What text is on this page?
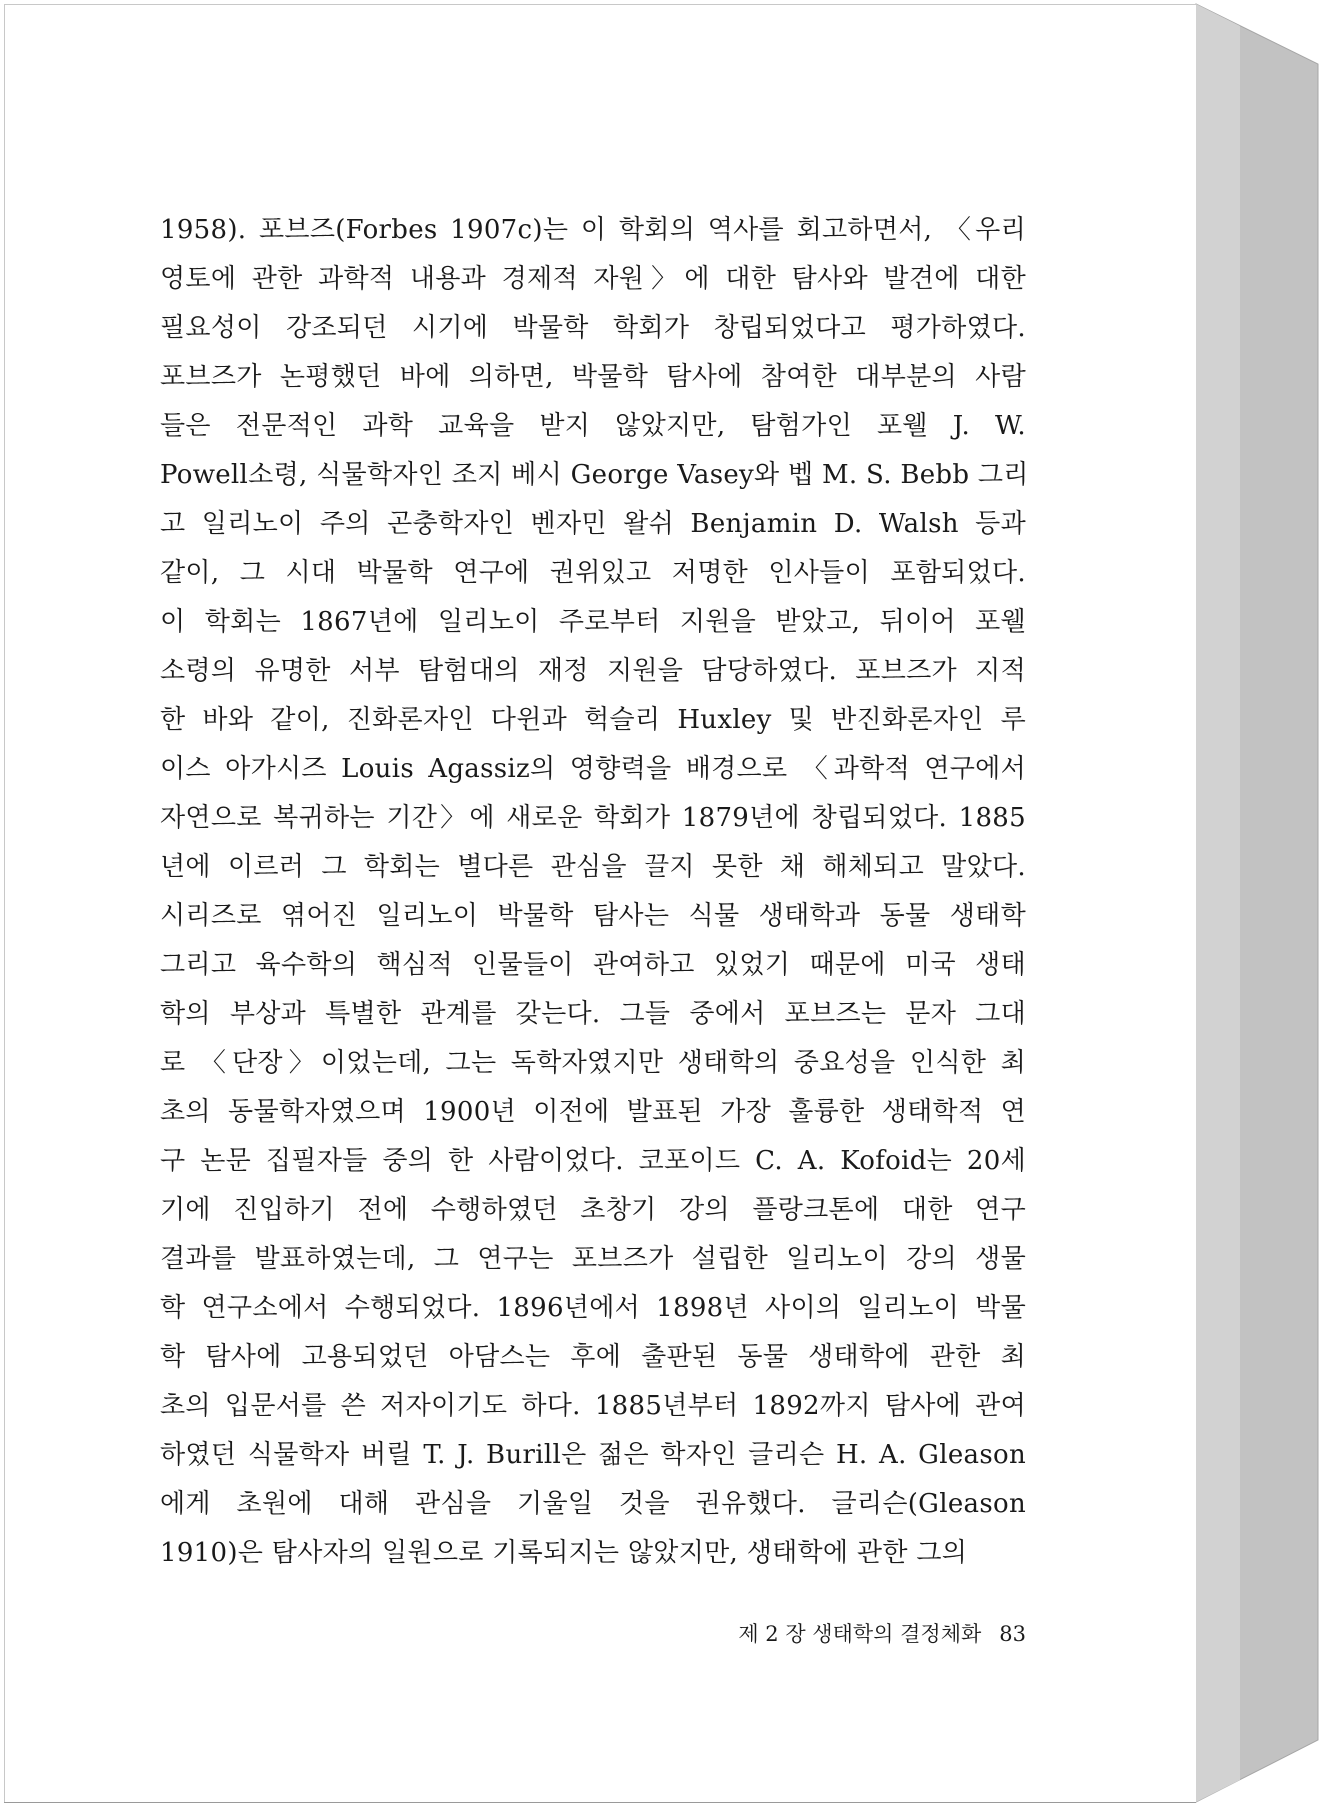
1958). 포브즈(Forbes 1907c)는 이 학회의 역사를 회고하면서, 〈우리
영토에 관한 과학적 내용과 경제적 자원〉에 대한 탐사와 발견에 대한
필요성이 강조되던 시기에 박물학 학회가 창립되었다고 평가하였다.
포브즈가 논평했던 바에 의하면, 박물학 탐사에 참여한 대부분의 사람
들은 전문적인 과학 교육을 받지 않았지만, 탐험가인 포웰 J. W.
Powell소령, 식물학자인 조지 베시 George Vasey와 벱 M. S. Bebb 그리
고 일리노이 주의 곤충학자인 벤자민 왈쉬 Benjamin D. Walsh 등과
같이, 그 시대 박물학 연구에 권위있고 저명한 인사들이 포함되었다.
이 학회는 1867년에 일리노이 주로부터 지원을 받았고, 뒤이어 포웰
소령의 유명한 서부 탐험대의 재정 지원을 담당하였다. 포브즈가 지적
한 바와 같이, 진화론자인 다윈과 헉슬리 Huxley 및 반진화론자인 루
이스 아가시즈 Louis Agassiz의 영향력을 배경으로 〈과학적 연구에서
자연으로 복귀하는 기간〉에 새로운 학회가 1879년에 창립되었다. 1885
년에 이르러 그 학회는 별다른 관심을 끌지 못한 채 해체되고 말았다.
시리즈로 엮어진 일리노이 박물학 탐사는 식물 생태학과 동물 생태학
그리고 육수학의 핵심적 인물들이 관여하고 있었기 때문에 미국 생태
학의 부상과 특별한 관계를 갖는다. 그들 중에서 포브즈는 문자 그대
로 〈단장〉이었는데, 그는 독학자였지만 생태학의 중요성을 인식한 최
초의 동물학자였으며 1900년 이전에 발표된 가장 훌륭한 생태학적 연
구 논문 집필자들 중의 한 사람이었다. 코포이드 C. A. Kofoid는 20세
기에 진입하기 전에 수행하였던 초창기 강의 플랑크톤에 대한 연구
결과를 발표하였는데, 그 연구는 포브즈가 설립한 일리노이 강의 생물
학 연구소에서 수행되었다. 1896년에서 1898년 사이의 일리노이 박물
학 탐사에 고용되었던 아담스는 후에 출판된 동물 생태학에 관한 최
초의 입문서를 쓴 저자이기도 하다. 1885년부터 1892까지 탐사에 관여
하였던 식물학자 버릴 T. J. Burill은 젊은 학자인 글리슨 H. A. Gleason
에게 초원에 대해 관심을 기울일 것을 권유했다. 글리슨(Gleason
1910)은 탐사자의 일원으로 기록되지는 않았지만, 생태학에 관한 그의
제 2 장 생태학의 결정체화 83
